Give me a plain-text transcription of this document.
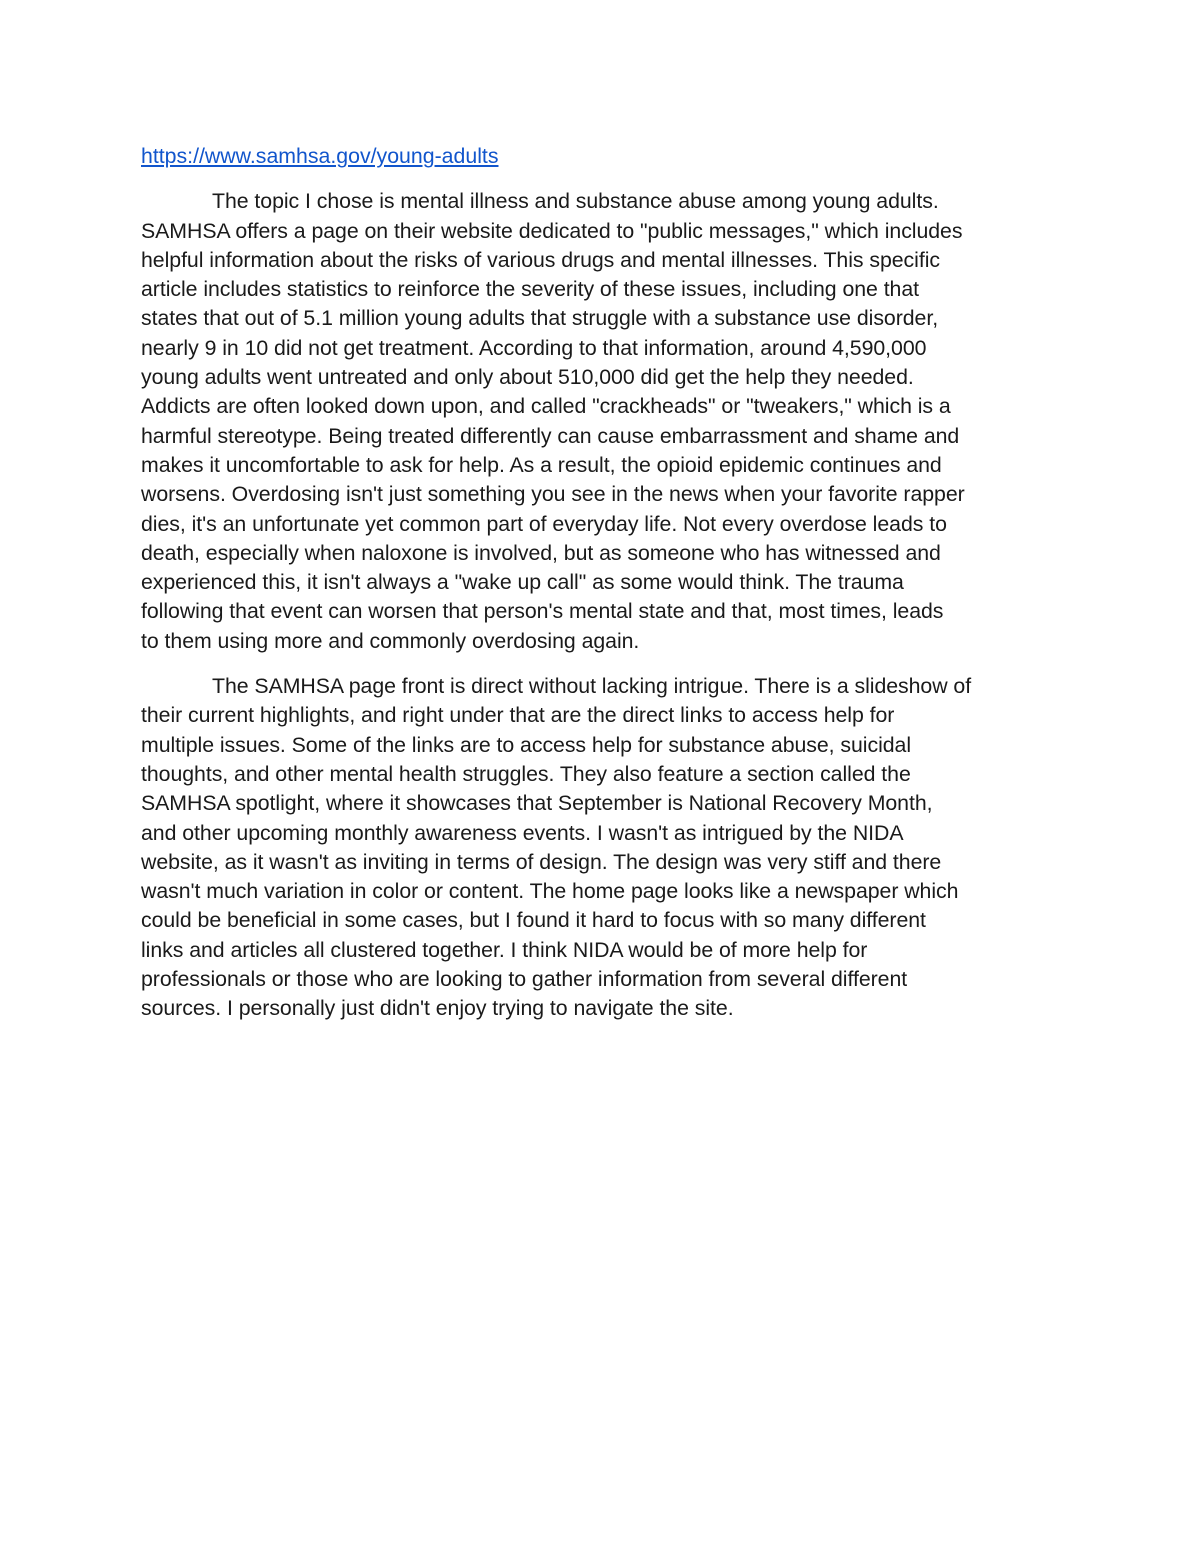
https://www.samhsa.gov/young-adults

The topic I chose is mental illness and substance abuse among young adults.
SAMHSA offers a page on their website dedicated to "public messages," which includes
helpful information about the risks of various drugs and mental illnesses. This specific
article includes statistics to reinforce the severity of these issues, including one that
states that out of 5.1 million young adults that struggle with a substance use disorder,
nearly 9 in 10 did not get treatment. According to that information, around 4,590,000
young adults went untreated and only about 510,000 did get the help they needed.
Addicts are often looked down upon, and called "crackheads" or "tweakers," which is a
harmful stereotype. Being treated differently can cause embarrassment and shame and
makes it uncomfortable to ask for help. As a result, the opioid epidemic continues and
worsens. Overdosing isn't just something you see in the news when your favorite rapper
dies, it's an unfortunate yet common part of everyday life. Not every overdose leads to
death, especially when naloxone is involved, but as someone who has witnessed and
experienced this, it isn't always a "wake up call" as some would think. The trauma
following that event can worsen that person's mental state and that, most times, leads
to them using more and commonly overdosing again.

The SAMHSA page front is direct without lacking intrigue. There is a slideshow of
their current highlights, and right under that are the direct links to access help for
multiple issues. Some of the links are to access help for substance abuse, suicidal
thoughts, and other mental health struggles. They also feature a section called the
SAMHSA spotlight, where it showcases that September is National Recovery Month,
and other upcoming monthly awareness events. I wasn't as intrigued by the NIDA
website, as it wasn't as inviting in terms of design. The design was very stiff and there
wasn't much variation in color or content. The home page looks like a newspaper which
could be beneficial in some cases, but I found it hard to focus with so many different
links and articles all clustered together. I think NIDA would be of more help for
professionals or those who are looking to gather information from several different
sources. I personally just didn't enjoy trying to navigate the site.
